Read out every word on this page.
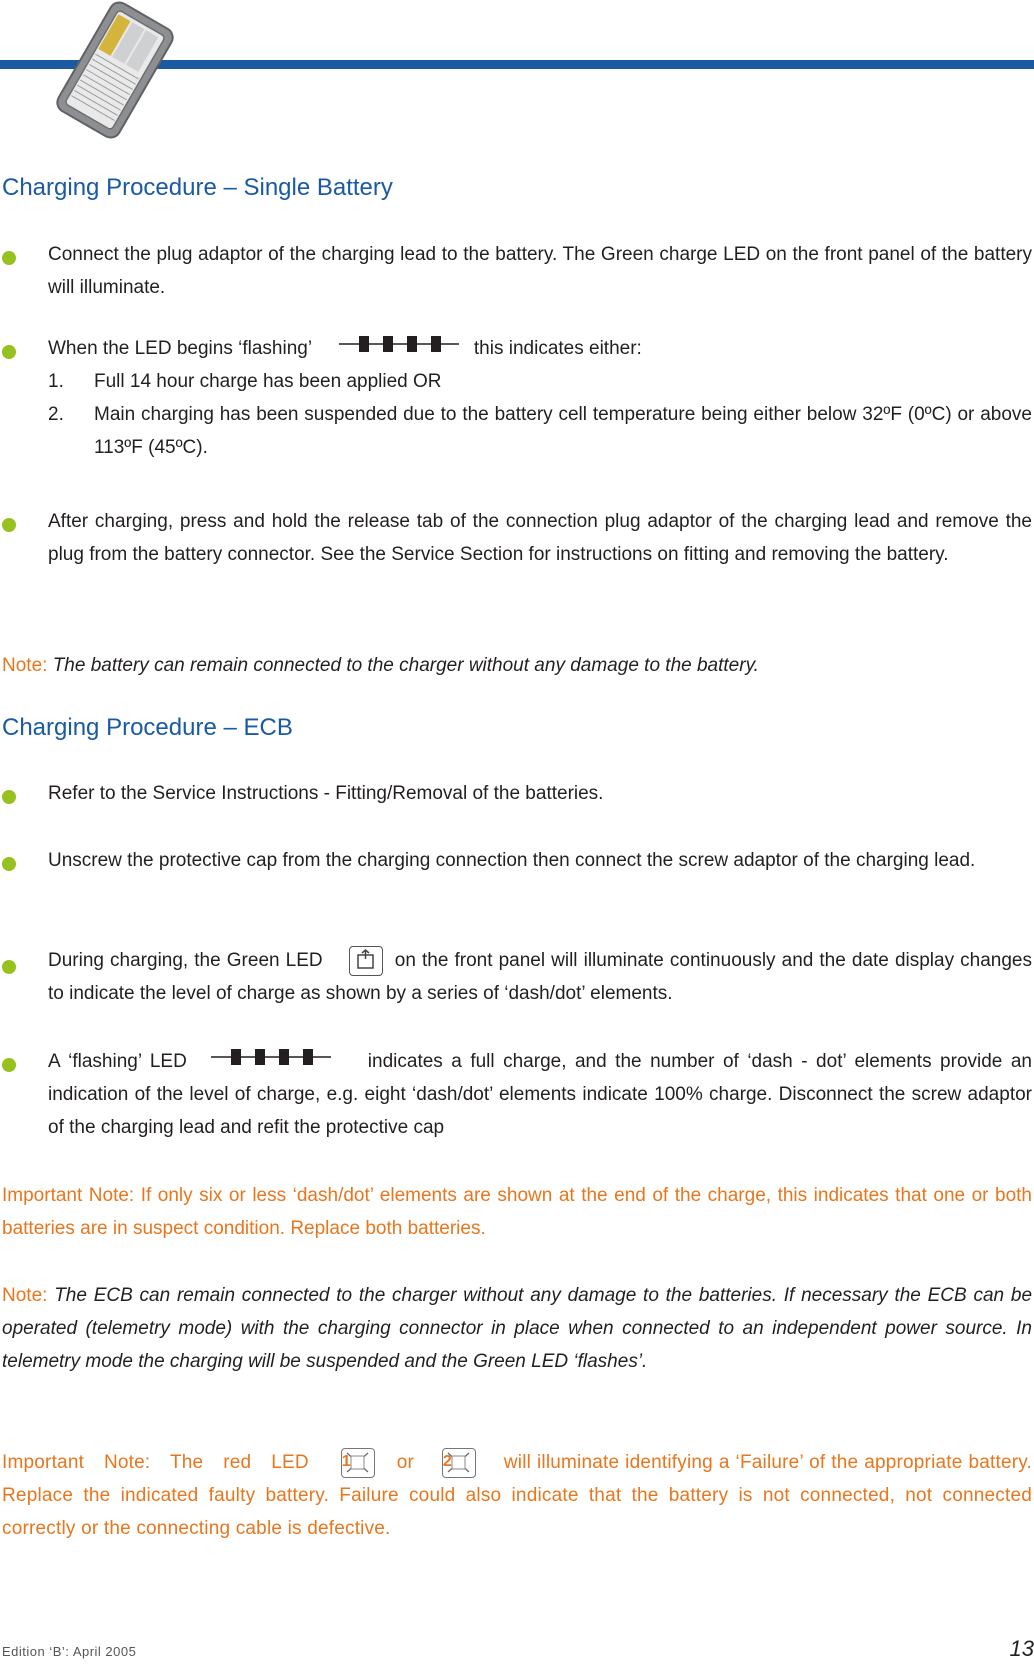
Charging Procedure – Single Battery

Connect the plug adaptor of the charging lead to the battery. The Green charge LED on the front panel of the battery will illuminate.

When the LED begins ‘flashing’	this indicates either:

1. Full 14 hour charge has been applied OR

2. Main charging has been suspended due to the battery cell temperature being either below 32ºF (0ºC) or above 113ºF (45ºC).

After charging, press and hold the release tab of the connection plug adaptor of the charging lead and remove the plug from the battery connector. See the Service Section for instructions on fitting and removing the battery.

Note: The battery can remain connected to the charger without any damage to the battery.

Charging Procedure – ECB

Refer to the Service Instructions - Fitting/Removal of the batteries.

Unscrew the protective cap from the charging connection then connect the screw adaptor of the charging lead.

During charging, the Green LED	on the front panel will illuminate continuously and the date display changes to indicate the level of charge as shown by a series of ‘dash/dot’ elements.

A ‘flashing’ LED	indicates a full charge, and the number of ‘dash - dot’ elements provide an indication of the level of charge, e.g. eight ‘dash/dot’ elements indicate 100% charge. Disconnect the screw adaptor of the charging lead and refit the protective cap

Important Note: If only six or less ‘dash/dot’ elements are shown at the end of the charge, this indicates that one or both batteries are in suspect condition. Replace both batteries.

Note: The ECB can remain connected to the charger without any damage to the batteries. If necessary the ECB can be operated (telemetry mode) with the charging connector in place when connected to an independent power source. In telemetry mode the charging will be suspended and the Green LED ‘flashes’.

Important Note: The red LED 1	or 2	will illuminate identifying a ‘Failure’ of the appropriate battery. Replace the indicated faulty battery. Failure could also indicate that the battery is not connected, not connected correctly or the connecting cable is defective.

Edition ‘B’: April 2005	13
